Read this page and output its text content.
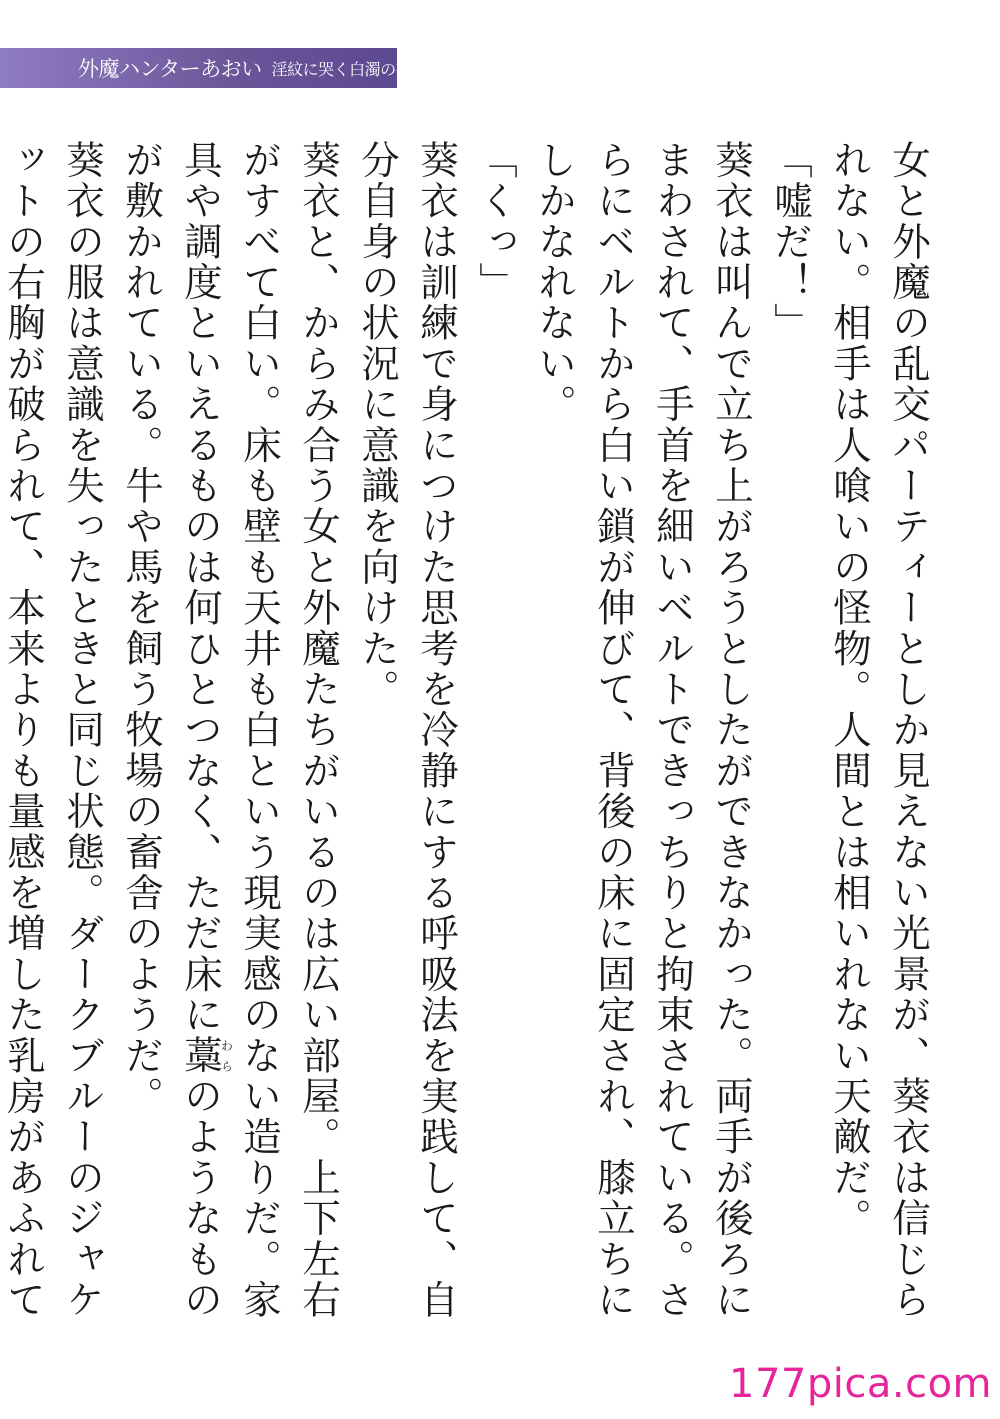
外魔ハンターあおい 淫紋に哭く白濁の夜

女と外魔の乱交パーティーとしか見えない光景が、葵衣は信じられない。相手は人喰いの怪物。人間とは相いれない天敵だ。

「嘘だ！」

葵衣は叫んで立ち上がろうとしたができなかった。両手が後ろにまわされて、手首を細いベルトできっちりと拘束されている。さらにベルトから白い鎖が伸びて、背後の床に固定され、膝立ちにしかなれない。

「くっ」

葵衣は訓練で身につけた思考を冷静にする呼吸法を実践して、自分自身の状況に意識を向けた。

葵衣と、からみ合う女と外魔たちがいるのは広い部屋。上下左右がすべて白い。床も壁も天井も白という現実感のない造りだ。家具や調度といえるものは何ひとつなく、ただ床に藁わらのようなものが敷かれている。牛や馬を飼う牧場の畜舎のようだ。

葵衣の服は意識を失ったときと同じ状態。ダークブルーのジャケットの右胸が破られて、本来よりも量感を増した乳房があふれて

177pica.com
